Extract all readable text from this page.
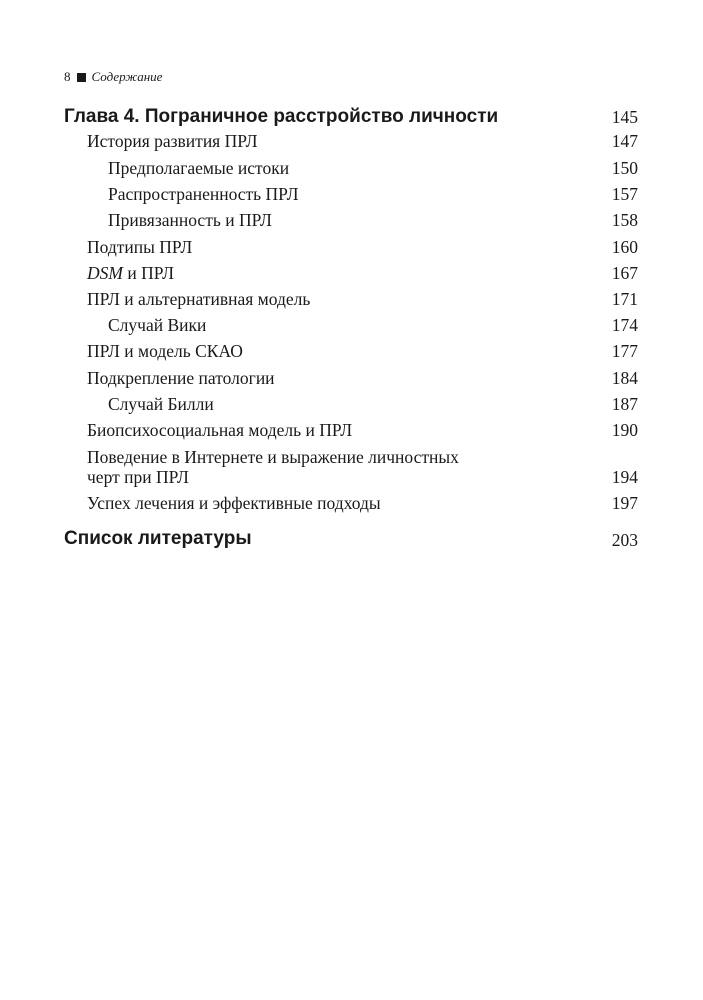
8 Содержание
Глава 4. Пограничное расстройство личности	145
История развития ПРЛ	147
Предполагаемые истоки	150
Распространенность ПРЛ	157
Привязанность и ПРЛ	158
Подтипы ПРЛ	160
DSM и ПРЛ	167
ПРЛ и альтернативная модель	171
Случай Вики	174
ПРЛ и модель СКАО	177
Подкрепление патологии	184
Случай Билли	187
Биопсихосоциальная модель и ПРЛ	190
Поведение в Интернете и выражение личностных
черт при ПРЛ	194
Успех лечения и эффективные подходы	197
Список литературы	203
